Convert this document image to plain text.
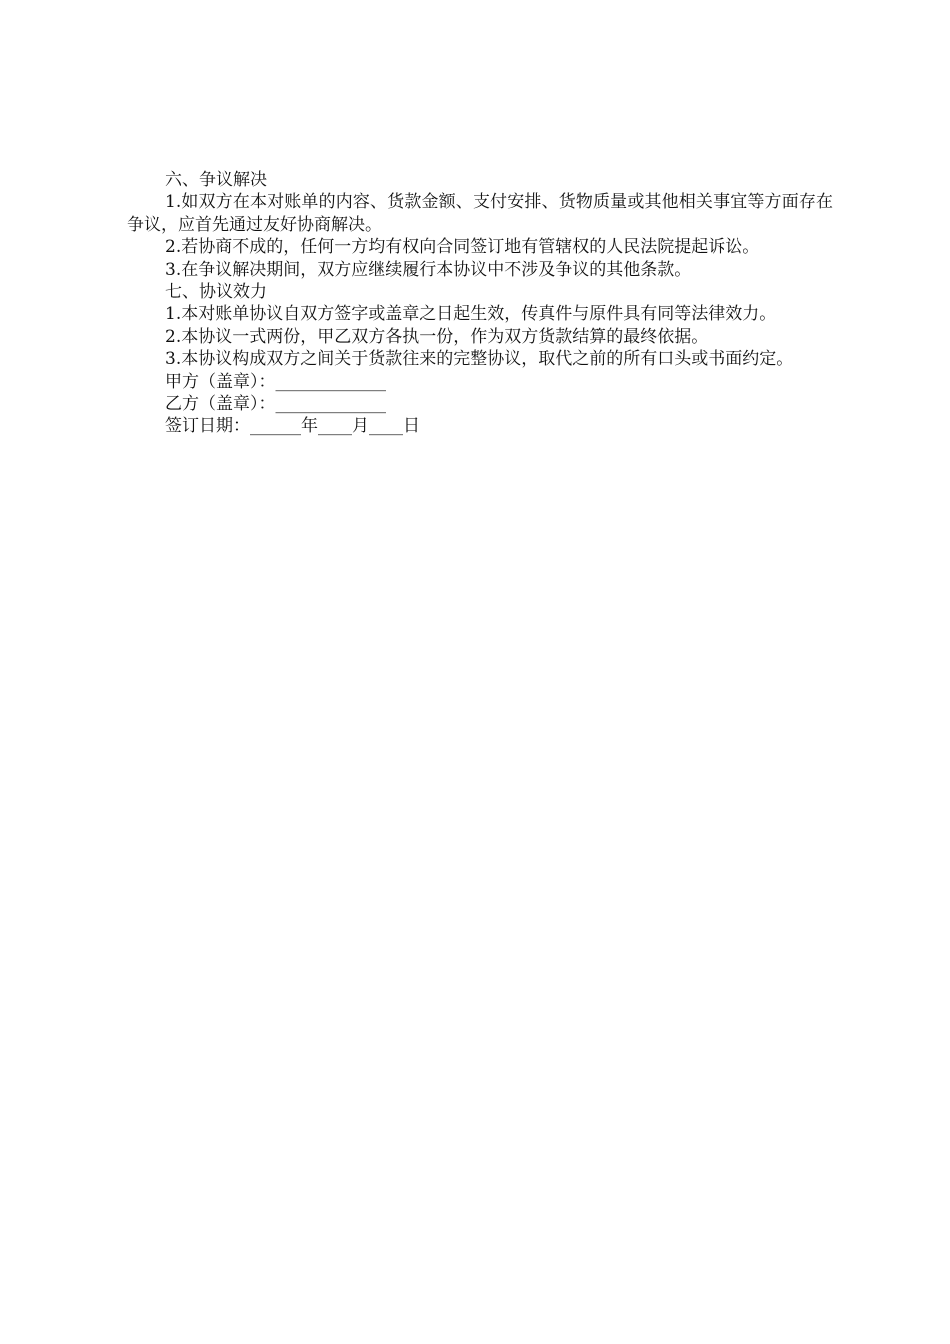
六、争议解决

1.如双方在本对账单的内容、货款金额、支付安排、货物质量或其他相关事宜等方面存在争议，应首先通过友好协商解决。

2.若协商不成的，任何一方均有权向合同签订地有管辖权的人民法院提起诉讼。

3.在争议解决期间，双方应继续履行本协议中不涉及争议的其他条款。

七、协议效力

1.本对账单协议自双方签字或盖章之日起生效，传真件与原件具有同等法律效力。

2.本协议一式两份，甲乙双方各执一份，作为双方货款结算的最终依据。

3.本协议构成双方之间关于货款往来的完整协议，取代之前的所有口头或书面约定。

甲方（盖章）：_____________

乙方（盖章）：_____________

签订日期：______年____月____日
